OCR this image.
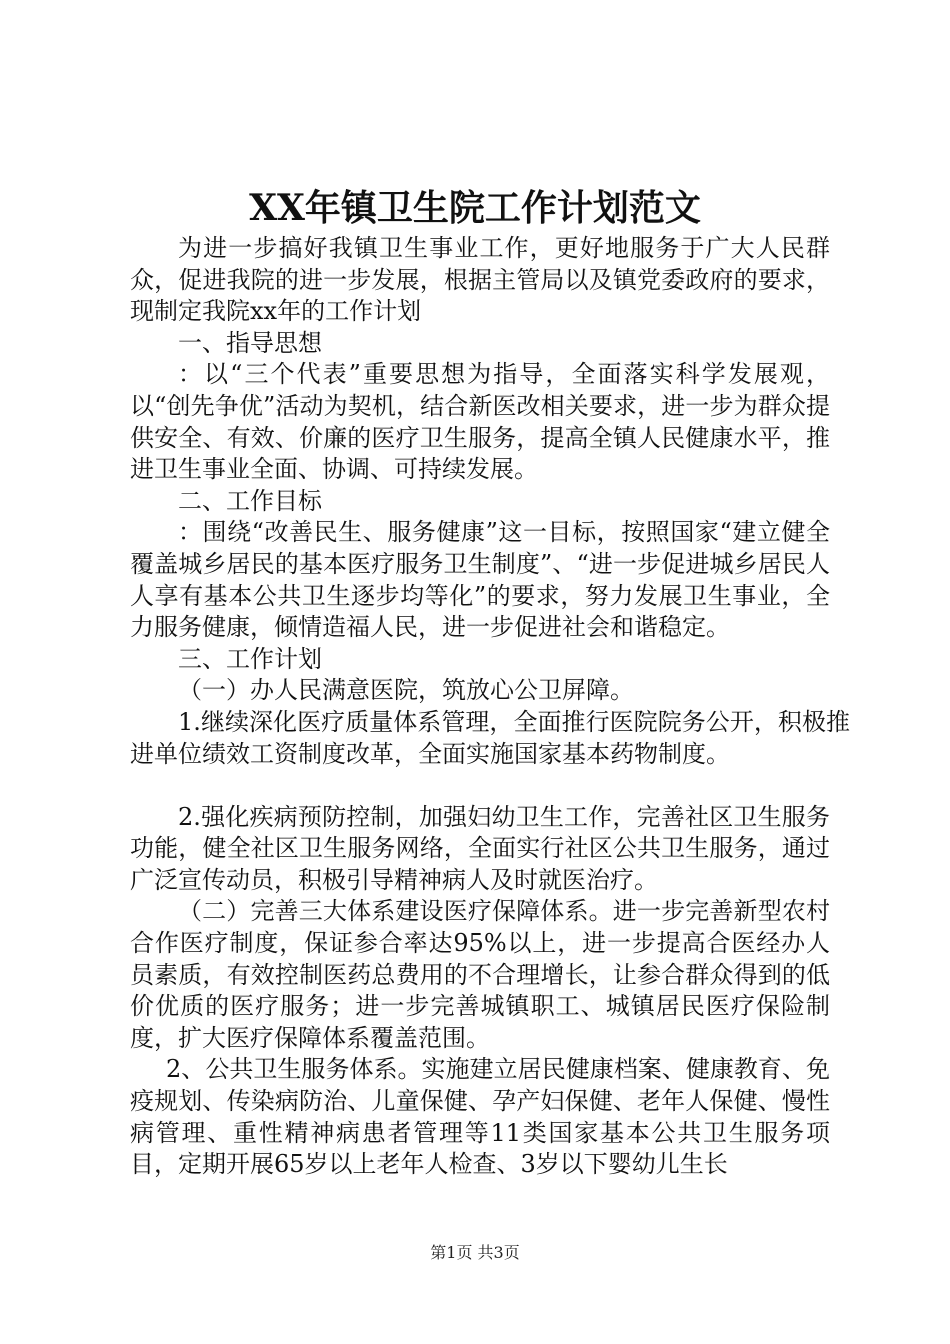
XX年镇卫生院工作计划范文

为进一步搞好我镇卫生事业工作，更好地服务于广大人民群众，促进我院的进一步发展，根据主管局以及镇党委政府的要求，现制定我院xx年的工作计划

一、指导思想

：以“三个代表”重要思想为指导，全面落实科学发展观，以“创先争优”活动为契机，结合新医改相关要求，进一步为群众提供安全、有效、价廉的医疗卫生服务，提高全镇人民健康水平，推进卫生事业全面、协调、可持续发展。

二、工作目标

：围绕“改善民生、服务健康”这一目标，按照国家“建立健全覆盖城乡居民的基本医疗服务卫生制度”、“进一步促进城乡居民人人享有基本公共卫生逐步均等化”的要求，努力发展卫生事业，全力服务健康，倾情造福人民，进一步促进社会和谐稳定。

三、工作计划

（一）办人民满意医院，筑放心公卫屏障。

1.继续深化医疗质量体系管理，全面推行医院院务公开，积极推进单位绩效工资制度改革，全面实施国家基本药物制度。

2.强化疾病预防控制，加强妇幼卫生工作，完善社区卫生服务功能，健全社区卫生服务网络，全面实行社区公共卫生服务，通过广泛宣传动员，积极引导精神病人及时就医治疗。

（二）完善三大体系建设医疗保障体系。进一步完善新型农村合作医疗制度，保证参合率达95%以上，进一步提高合医经办人员素质，有效控制医药总费用的不合理增长，让参合群众得到的低价优质的医疗服务；进一步完善城镇职工、城镇居民医疗保险制度，扩大医疗保障体系覆盖范围。

2、公共卫生服务体系。实施建立居民健康档案、健康教育、免疫规划、传染病防治、儿童保健、孕产妇保健、老年人保健、慢性病管理、重性精神病患者管理等11类国家基本公共卫生服务项目，定期开展65岁以上老年人检查、3岁以下婴幼儿生长

第1页 共3页
